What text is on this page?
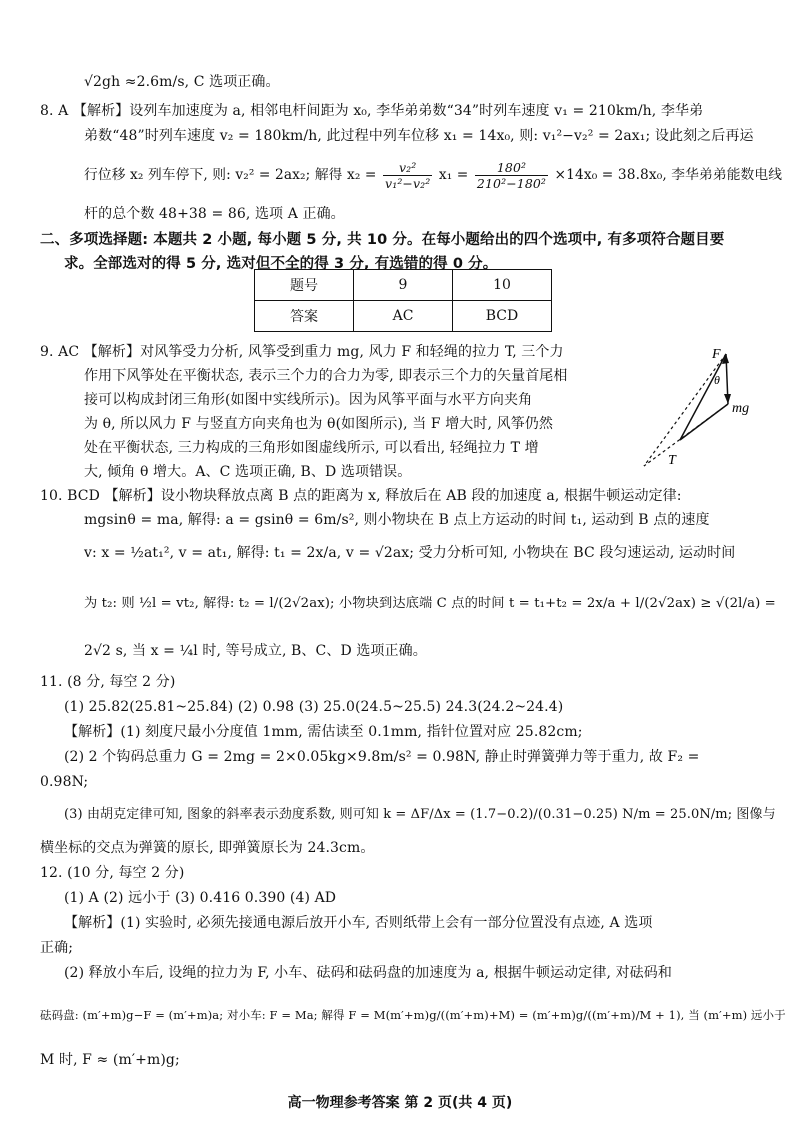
√2gh ≈2.6m/s, C 选项正确。
8. A 【解析】设列车加速度为 a, 相邻电杆间距为 x₀, 李华弟弟数“34”时列车速度 v₁ = 210km/h, 李华弟
弟数“48”时列车速度 v₂ = 180km/h, 此过程中列车位移 x₁ = 14x₀, 则: v₁²−v₂² = 2ax₁; 设此刻之后再运
行位移 x₂ 列车停下, 则: v₂² = 2ax₂; 解得 $x_2 = \frac{\text{v₂²}}{\text{v₁²−v₂²}} x_1 = \frac{\text{180²}}{\text{210²−180²}} \times 14x_0 = 38.8x_0$, 李华弟弟能数电线
杆的总个数 48+38 = 86, 选项 A 正确。
二、多项选择题: 本题共 2 小题, 每小题 5 分, 共 10 分。在每小题给出的四个选项中, 有多项符合题目要
求。全部选对的得 5 分, 选对但不全的得 3 分, 有选错的得 0 分。
题号	9	10
答案	AC	BCD
9. AC 【解析】对风筝受力分析, 风筝受到重力 mg, 风力 F 和轻绳的拉力 T, 三个力
作用下风筝处在平衡状态, 表示三个力的合力为零, 即表示三个力的矢量首尾相
接可以构成封闭三角形(如图中实线所示)。因为风筝平面与水平方向夹角
为 θ, 所以风力 F 与竖直方向夹角也为 θ(如图所示), 当 F 增大时, 风筝仍然
处在平衡状态, 三力构成的三角形如图虚线所示, 可以看出, 轻绳拉力 T 增
大, 倾角 θ 增大。A、C 选项正确, B、D 选项错误。
F
θ
mg
T
10. BCD 【解析】设小物块释放点离 B 点的距离为 x, 释放后在 AB 段的加速度 a, 根据牛顿运动定律:
mgsinθ = ma, 解得: a = gsinθ = 6m/s², 则小物块在 B 点上方运动的时间 t₁, 运动到 B 点的速度
v: x = ½at₁², v = at₁, 解得: t₁ = 2x/a, v = √2ax; 受力分析可知, 小物块在 BC 段匀速运动, 运动时间
为 t₂: 则 ½l = vt₂, 解得: t₂ = l/(2√2ax); 小物块到达底端 C 点的时间 t = t₁+t₂ = 2x/a + l/(2√2ax) ≥ √(2l/a) =
2√2 s, 当 x = ¼l 时, 等号成立, B、C、D 选项正确。
11. (8 分, 每空 2 分)
(1) 25.82(25.81~25.84) (2) 0.98 (3) 25.0(24.5~25.5) 24.3(24.2~24.4)
【解析】(1) 刻度尺最小分度值 1mm, 需估读至 0.1mm, 指针位置对应 25.82cm;
(2) 2 个钩码总重力 G = 2mg = 2×0.05kg×9.8m/s² = 0.98N, 静止时弹簧弹力等于重力, 故 F₂ =
0.98N;
(3) 由胡克定律可知, 图象的斜率表示劲度系数, 则可知 k = ΔF/Δx = (1.7−0.2)/(0.31−0.25) N/m = 25.0N/m; 图像与
横坐标的交点为弹簧的原长, 即弹簧原长为 24.3cm。
12. (10 分, 每空 2 分)
(1) A (2) 远小于 (3) 0.416 0.390 (4) AD
【解析】(1) 实验时, 必须先接通电源后放开小车, 否则纸带上会有一部分位置没有点迹, A 选项
正确;
(2) 释放小车后, 设绳的拉力为 F, 小车、砝码和砝码盘的加速度为 a, 根据牛顿运动定律, 对砝码和
砝码盘: (m′+m)g−F = (m′+m)a; 对小车: F = Ma; 解得 F = M(m′+m)g/((m′+m)+M) = (m′+m)g/((m′+m)/M + 1), 当 (m′+m) 远小于
M 时, F ≈ (m′+m)g;
高一物理参考答案 第 2 页(共 4 页)
